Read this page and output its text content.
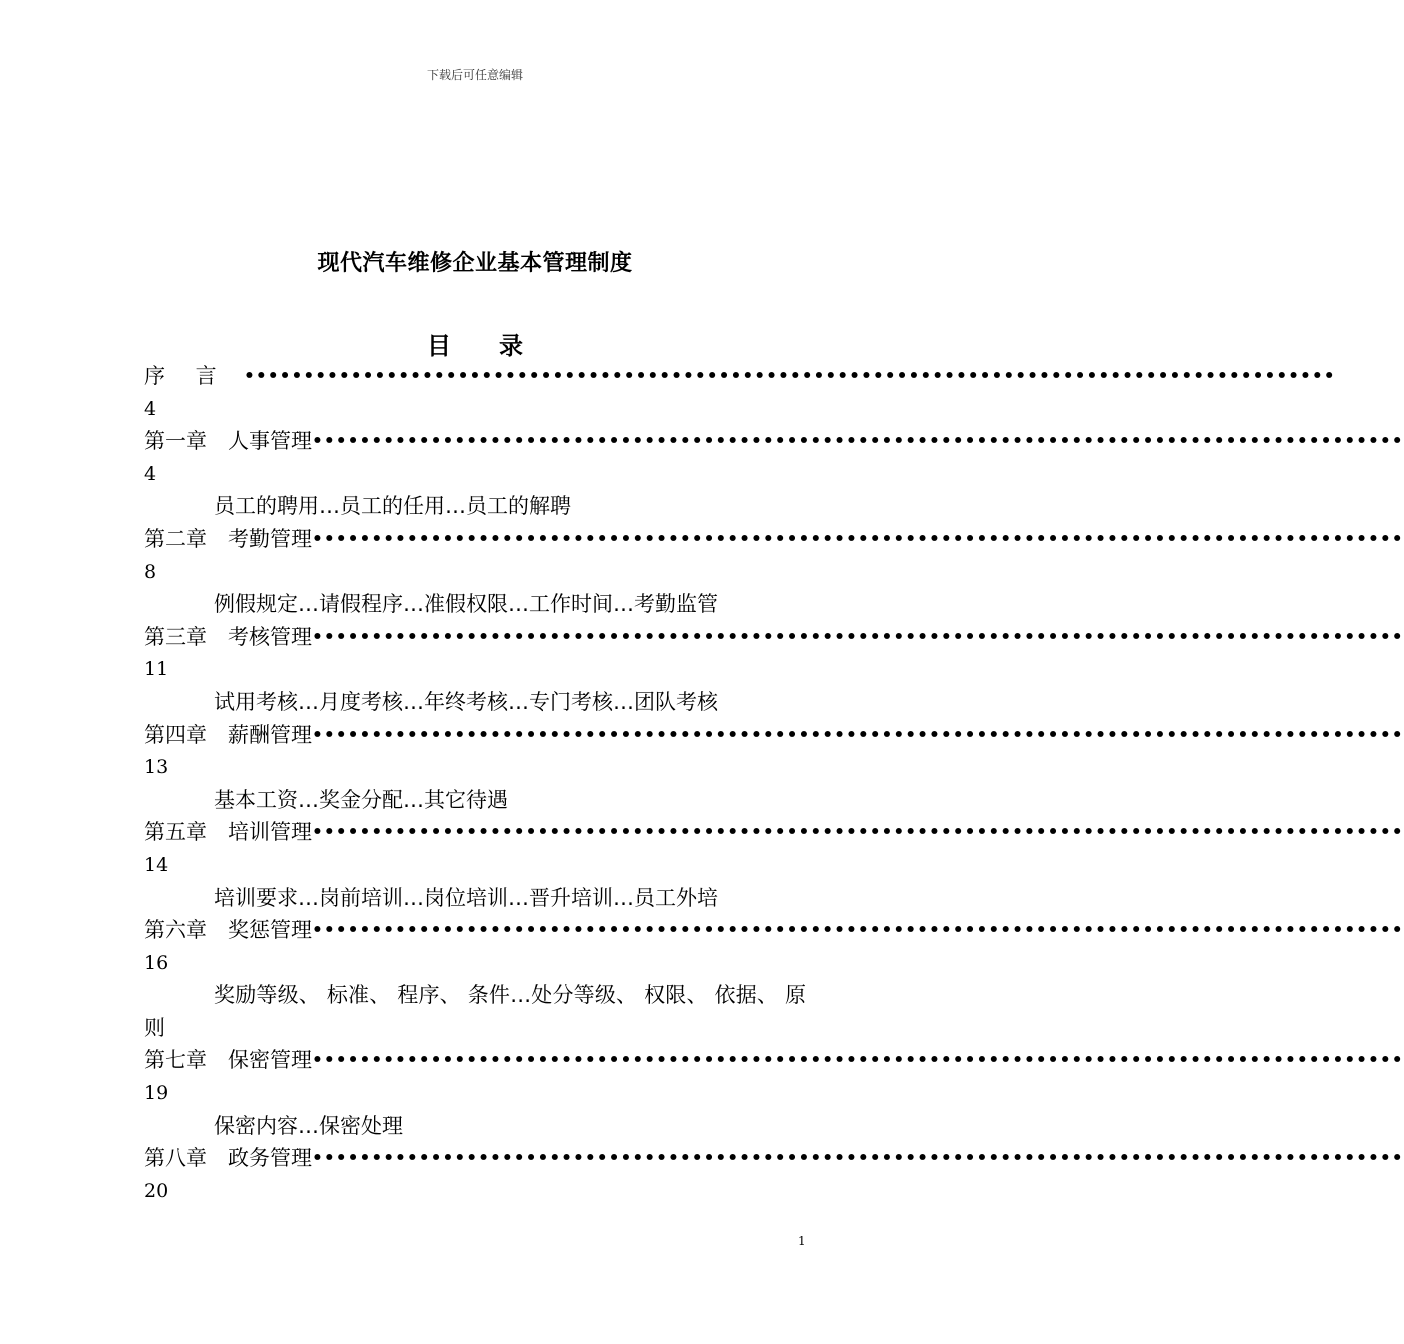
下载后可任意编辑
现代汽车维修企业基本管理制度
目 录
序 言	••••••••••••••••••••••••••••••••••••••••••••••••••••••••••••••••••••••••••••••••••••••••••••
4
第一章　人事管理 ••••••••••••••••••••••••••••••••••••••••••••••••••••••••••••••••••••••••••••••••••••••••••••
4
员工的聘用…员工的任用…员工的解聘
第二章　考勤管理 ••••••••••••••••••••••••••••••••••••••••••••••••••••••••••••••••••••••••••••••••••••••••••••
8
例假规定…请假程序…准假权限…工作时间…考勤监管
第三章　考核管理 ••••••••••••••••••••••••••••••••••••••••••••••••••••••••••••••••••••••••••••••••••••••••••••
11
试用考核…月度考核…年终考核…专门考核…团队考核
第四章　薪酬管理 ••••••••••••••••••••••••••••••••••••••••••••••••••••••••••••••••••••••••••••••••••••••••••••
13
基本工资…奖金分配…其它待遇
第五章　培训管理 ••••••••••••••••••••••••••••••••••••••••••••••••••••••••••••••••••••••••••••••••••••••••••••
14
培训要求…岗前培训…岗位培训…晋升培训…员工外培
第六章　奖惩管理 ••••••••••••••••••••••••••••••••••••••••••••••••••••••••••••••••••••••••••••••••••••••••••••
16
奖励等级、 标准、 程序、 条件…处分等级、 权限、 依据、 原则
第七章　保密管理 ••••••••••••••••••••••••••••••••••••••••••••••••••••••••••••••••••••••••••••••••••••••••••••
19
保密内容…保密处理
第八章　政务管理 ••••••••••••••••••••••••••••••••••••••••••••••••••••••••••••••••••••••••••••••••••••••••••••
20
1
